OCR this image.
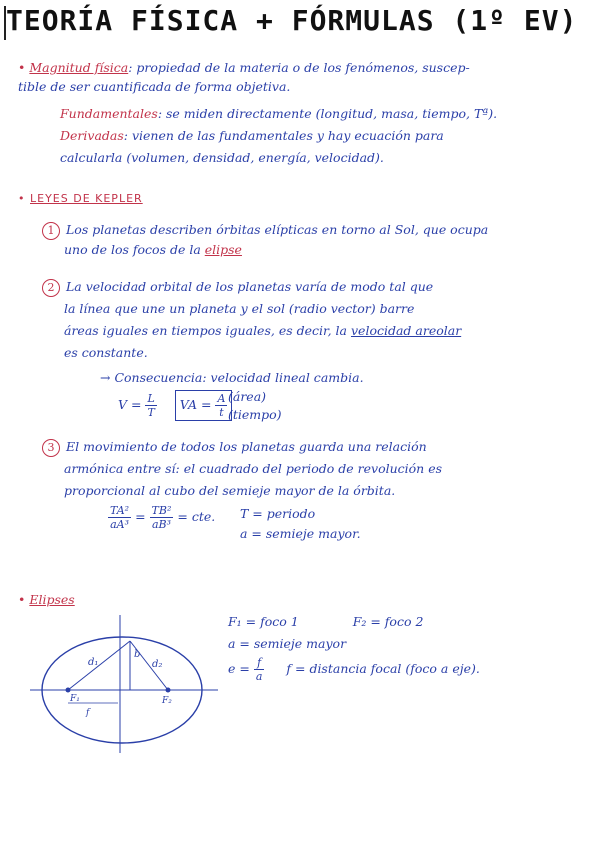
TEORÍA FÍSICA + FÓRMULAS (1º EV)
• Magnitud física: propiedad de la materia o de los fenómenos, suscep-
tible de ser cuantificada de forma objetiva.
Fundamentales: se miden directamente (longitud, masa, tiempo, Tª).
Derivadas: vienen de las fundamentales y hay ecuación para
calcularla (volumen, densidad, energía, velocidad).
• LEYES DE KEPLER
1 Los planetas describen órbitas elípticas en torno al Sol, que ocupa
uno de los focos de la elipse
2 La velocidad orbital de los planetas varía de modo tal que
la línea que une un planeta y el sol (radio vector) barre
áreas iguales en tiempos iguales, es decir, la velocidad areolar
es constante.
→ Consecuencia: velocidad lineal cambia.
$V = \frac{L}{T}$ VA = $\frac{A}{t}$ (área)
(tiempo)
3 El movimiento de todos los planetas guarda una relación
armónica entre sí: el cuadrado del periodo de revolución es
proporcional al cubo del semieje mayor de la órbita.
$\frac{\text{TA²}}{\text{aA³}} = \frac{\text{TB²}}{\text{aB³}}$ = cte. T = periodo
a = semieje mayor.
• Elipses
d₁	d₂
b
F₁	F₂
f
F₁ = foco 1	F₂ = foco 2
a = semieje mayor
$e = \frac{f}{a}$ f = distancia focal (foco a eje).
